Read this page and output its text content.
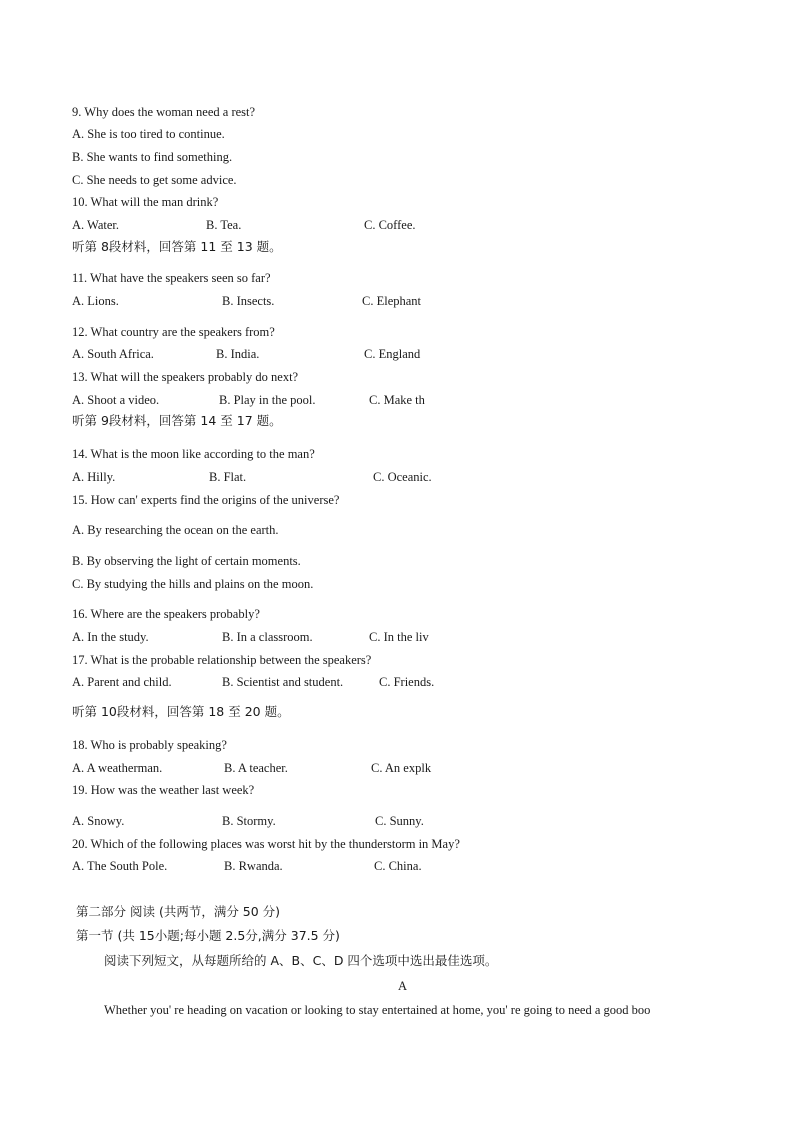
9. Why does the woman need a rest?
A. She is too tired to continue.
B. She wants to find something.
C. She needs to get some advice.
10. What will the man drink?
A. Water.	B. Tea.	C. Coffee.
听第 8段材料，回答第 11 至 13 题。
11. What have the speakers seen so far?
A. Lions.	B. Insects.	C. Elephant
12. What country are the speakers from?
A. South Africa.	B. India.	C. England
13. What will the speakers probably do next?
A. Shoot a video.	B. Play in the pool.	C. Make th
听第 9段材料，回答第 14 至 17 题。
14. What is the moon like according to the man?
A. Hilly.	B. Flat.	C. Oceanic.
15. How can' experts find the origins of the universe?
A. By researching the ocean on the earth.
B. By observing the light of certain moments.
C. By studying the hills and plains on the moon.
16. Where are the speakers probably?
A. In the study.	B. In a classroom.	C. In the liv
17. What is the probable relationship between the speakers?
A. Parent and child.	B. Scientist and student.	C. Friends.
听第 10段材料，回答第 18 至 20 题。
18. Who is probably speaking?
A. A weatherman.	B. A teacher.	C. An explk
19. How was the weather last week?
A. Snowy.	B. Stormy.	C. Sunny.
20. Which of the following places was worst hit by the thunderstorm in May?
A. The South Pole.	B. Rwanda.	C. China.
第二部分 阅读 (共两节，满分 50 分)
第一节 (共 15小题;每小题 2.5分,满分 37.5 分)
阅读下列短文，从每题所给的 A、B、C、D 四个选项中选出最佳选项。
A
Whether you' re heading on vacation or looking to stay entertained at home, you' re going to need a good boo
